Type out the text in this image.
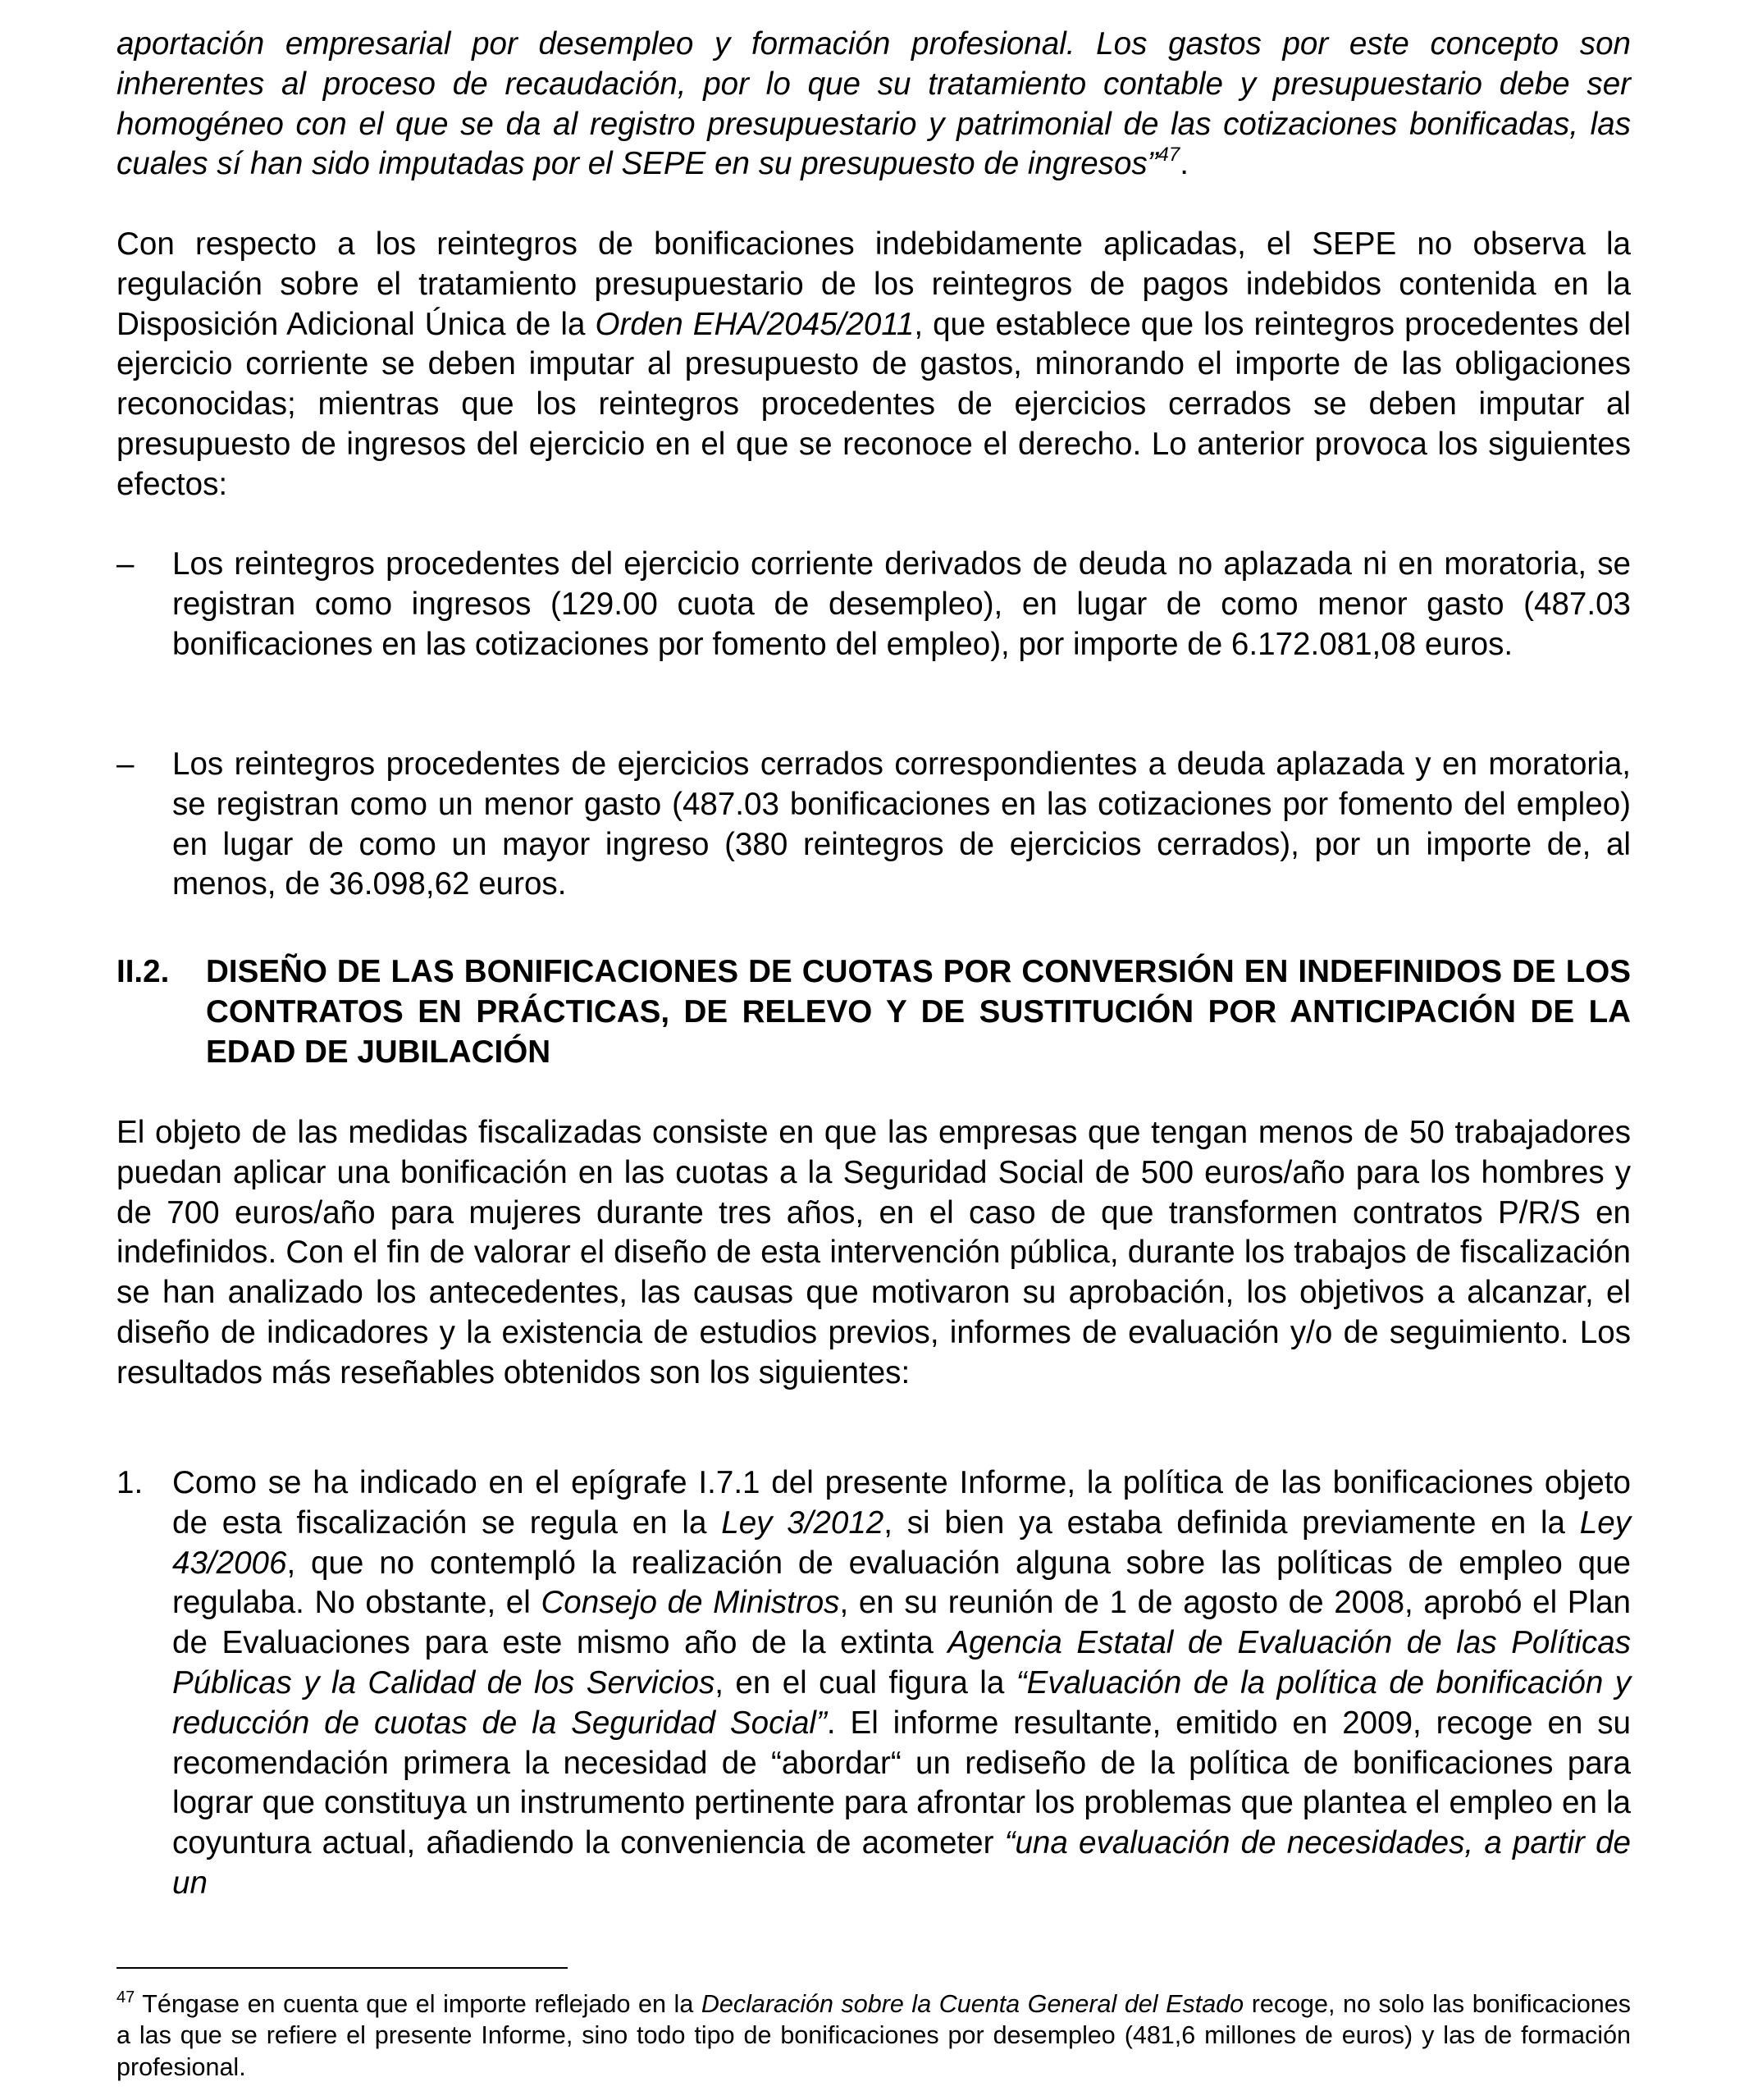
aportación empresarial por desempleo y formación profesional. Los gastos por este concepto son inherentes al proceso de recaudación, por lo que su tratamiento contable y presupuestario debe ser homogéneo con el que se da al registro presupuestario y patrimonial de las cotizaciones bonificadas, las cuales sí han sido imputadas por el SEPE en su presupuesto de ingresos”$^{47}$.

Con respecto a los reintegros de bonificaciones indebidamente aplicadas, el SEPE no observa la regulación sobre el tratamiento presupuestario de los reintegros de pagos indebidos contenida en la Disposición Adicional Única de la Orden EHA/2045/2011, que establece que los reintegros procedentes del ejercicio corriente se deben imputar al presupuesto de gastos, minorando el importe de las obligaciones reconocidas; mientras que los reintegros procedentes de ejercicios cerrados se deben imputar al presupuesto de ingresos del ejercicio en el que se reconoce el derecho. Lo anterior provoca los siguientes efectos:

–	Los reintegros procedentes del ejercicio corriente derivados de deuda no aplazada ni en moratoria, se registran como ingresos (129.00 cuota de desempleo), en lugar de como menor gasto (487.03 bonificaciones en las cotizaciones por fomento del empleo), por importe de 6.172.081,08 euros.

–	Los reintegros procedentes de ejercicios cerrados correspondientes a deuda aplazada y en moratoria, se registran como un menor gasto (487.03 bonificaciones en las cotizaciones por fomento del empleo) en lugar de como un mayor ingreso (380 reintegros de ejercicios cerrados), por un importe de, al menos, de 36.098,62 euros.

II.2. DISEÑO DE LAS BONIFICACIONES DE CUOTAS POR CONVERSIÓN EN INDEFINIDOS DE LOS CONTRATOS EN PRÁCTICAS, DE RELEVO Y DE SUSTITUCIÓN POR ANTICIPACIÓN DE LA EDAD DE JUBILACIÓN

El objeto de las medidas fiscalizadas consiste en que las empresas que tengan menos de 50 trabajadores puedan aplicar una bonificación en las cuotas a la Seguridad Social de 500 euros/año para los hombres y de 700 euros/año para mujeres durante tres años, en el caso de que transformen contratos P/R/S en indefinidos. Con el fin de valorar el diseño de esta intervención pública, durante los trabajos de fiscalización se han analizado los antecedentes, las causas que motivaron su aprobación, los objetivos a alcanzar, el diseño de indicadores y la existencia de estudios previos, informes de evaluación y/o de seguimiento. Los resultados más reseñables obtenidos son los siguientes:

1. Como se ha indicado en el epígrafe I.7.1 del presente Informe, la política de las bonificaciones objeto de esta fiscalización se regula en la Ley 3/2012, si bien ya estaba definida previamente en la Ley 43/2006, que no contempló la realización de evaluación alguna sobre las políticas de empleo que regulaba. No obstante, el Consejo de Ministros, en su reunión de 1 de agosto de 2008, aprobó el Plan de Evaluaciones para este mismo año de la extinta Agencia Estatal de Evaluación de las Políticas Públicas y la Calidad de los Servicios, en el cual figura la “Evaluación de la política de bonificación y reducción de cuotas de la Seguridad Social”. El informe resultante, emitido en 2009, recoge en su recomendación primera la necesidad de “abordar“ un rediseño de la política de bonificaciones para lograr que constituya un instrumento pertinente para afrontar los problemas que plantea el empleo en la coyuntura actual, añadiendo la conveniencia de acometer “una evaluación de necesidades, a partir de un

$^{47}$ Téngase en cuenta que el importe reflejado en la Declaración sobre la Cuenta General del Estado recoge, no solo las bonificaciones a las que se refiere el presente Informe, sino todo tipo de bonificaciones por desempleo (481,6 millones de euros) y las de formación profesional.
